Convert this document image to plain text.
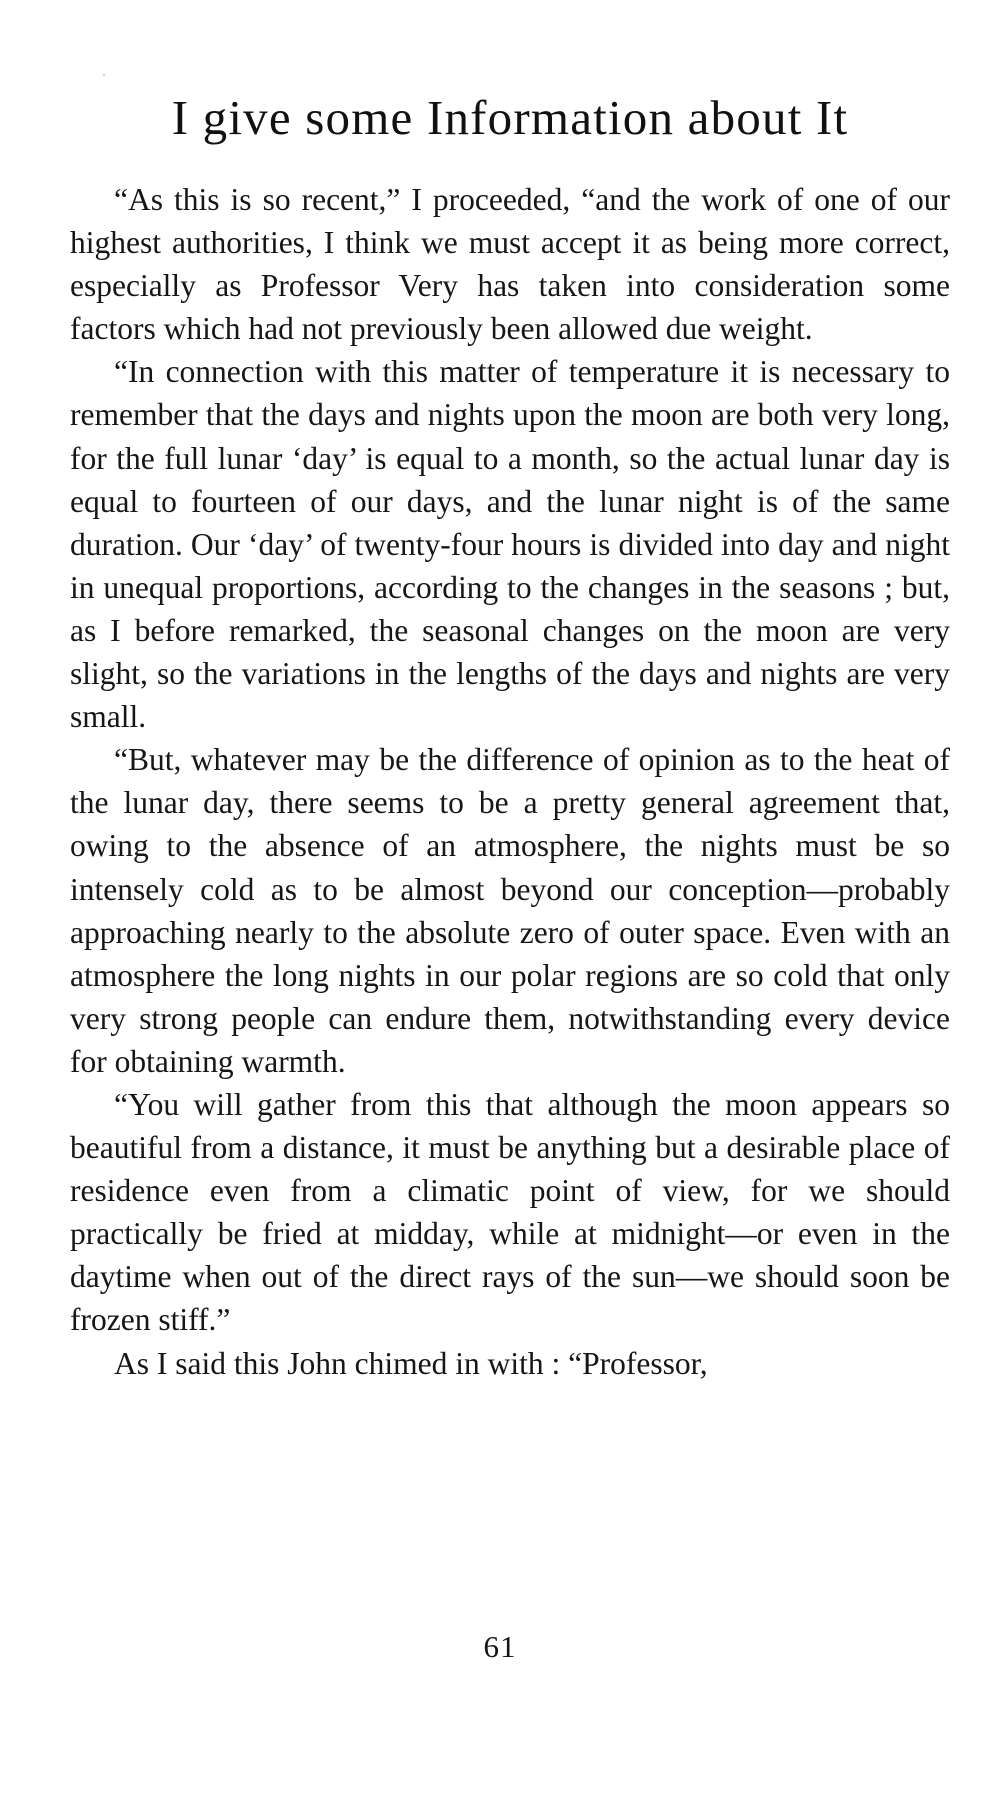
I give some Information about It

“As this is so recent,” I proceeded, “and the work of one of our highest authorities, I think we must accept it as being more correct, especially as Professor Very has taken into consideration some factors which had not previously been allowed due weight.

“In connection with this matter of temperature it is necessary to remember that the days and nights upon the moon are both very long, for the full lunar ‘day’ is equal to a month, so the actual lunar day is equal to fourteen of our days, and the lunar night is of the same duration. Our ‘day’ of twenty-four hours is divided into day and night in unequal proportions, according to the changes in the seasons ; but, as I before remarked, the seasonal changes on the moon are very slight, so the variations in the lengths of the days and nights are very small.

“But, whatever may be the difference of opinion as to the heat of the lunar day, there seems to be a pretty general agreement that, owing to the absence of an atmosphere, the nights must be so intensely cold as to be almost beyond our conception—probably approaching nearly to the absolute zero of outer space. Even with an atmosphere the long nights in our polar regions are so cold that only very strong people can endure them, notwithstanding every device for obtaining warmth.

“You will gather from this that although the moon appears so beautiful from a distance, it must be anything but a desirable place of residence even from a climatic point of view, for we should practically be fried at midday, while at midnight—or even in the daytime when out of the direct rays of the sun—we should soon be frozen stiff.”

As I said this John chimed in with : “Professor,

61
